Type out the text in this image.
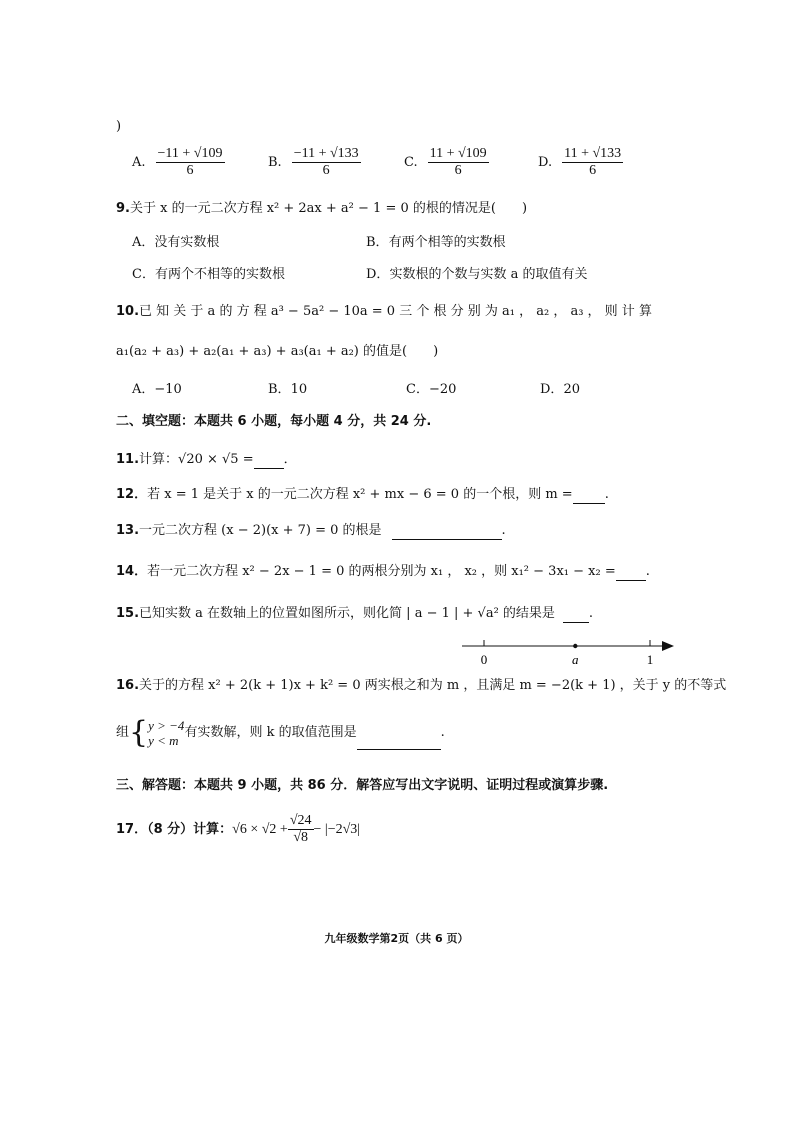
)
A. $\frac{-11 + √109}{6}$	B. $\frac{-11 + √133}{6}$	C. $\frac{11 + √109}{6}$	D. $\frac{11 + √133}{6}$
9.关于 x 的一元二次方程 x² + 2ax + a² − 1 = 0 的根的情况是(　　)
A．没有实数根	B．有两个相等的实数根
C．有两个不相等的实数根	D．实数根的个数与实数 a 的取值有关
10.已 知 关 于 a 的 方 程 a³ − 5a² − 10a = 0 三 个 根 分 别 为 a₁ ， a₂ ， a₃ ， 则 计 算
a₁(a₂ + a₃) + a₂(a₁ + a₃) + a₃(a₁ + a₂) 的值是(　　)
A．−10	B．10	C．−20	D．20
二、填空题：本题共 6 小题，每小题 4 分，共 24 分.
11.计算：√20 × √5 = ．
12．若 x = 1 是关于 x 的一元二次方程 x² + mx − 6 = 0 的一个根，则 m = .
13.一元二次方程 (x − 2)(x + 7) = 0 的根是	.
14．若一元二次方程 x² − 2x − 1 = 0 的两根分别为 x₁ ， x₂ ，则 x₁² − 3x₁ − x₂ = .
15.已知实数 a 在数轴上的位置如图所示，则化简 | a − 1 | + √a² 的结果是	.
0	a	1
16.关于的方程 x² + 2(k + 1)x + k² = 0 两实根之和为 m ，且满足 m = −2(k + 1) ，关于 y 的不等式
组 { y > −4
y < m 有实数解，则 k 的取值范围是	.
三、解答题：本题共 9 小题，共 86 分．解答应写出文字说明、证明过程或演算步骤.
17．（8 分）计算：$√6 \times √2 + \frac{√24}{√8} - |-2√3|$
九年级数学第2页（共 6 页）
